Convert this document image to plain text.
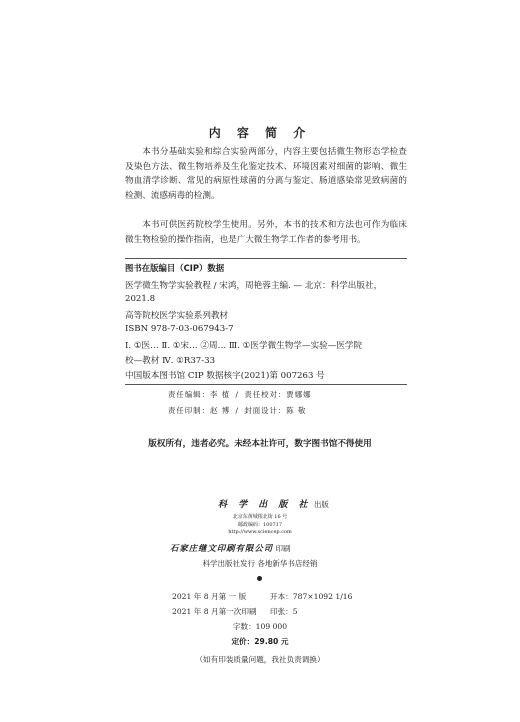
内 容 简 介

本书分基础实验和综合实验两部分，内容主要包括微生物形态学检查及染色方法、微生物培养及生化鉴定技术、环境因素对细菌的影响、微生物血清学诊断、常见的病原性球菌的分离与鉴定、肠道感染常见致病菌的检测、流感病毒的检测。

本书可供医药院校学生使用。另外，本书的技术和方法也可作为临床微生物检验的操作指南，也是广大微生物学工作者的参考用书。

图书在版编目（CIP）数据
医学微生物学实验教程 / 宋鸿，周艳蓉主编. — 北京：科学出版社，
2021.8
高等院校医学实验系列教材
ISBN 978-7-03-067943-7
Ⅰ. ①医… Ⅱ. ①宋… ②周… Ⅲ. ①医学微生物学—实验—医学院
校—教材 Ⅳ. ①R37-33
中国版本图书馆 CIP 数据核字(2021)第 007263 号
责任编辑：李 植 / 责任校对：贾娜娜
责任印制：赵 博 / 封面设计：陈 敬
版权所有，违者必究。未经本社许可，数字图书馆不得使用
科 学 出 版 社 出版
北京东黄城根北街 16 号
邮政编码：100717
http://www.sciencep.com
石家庄继文印刷有限公司 印刷
科学出版社发行 各地新华书店经销
2021 年 8 月第 一 版	开本：787×1092 1/16
2021 年 8 月第一次印刷 印张：5
字数：109 000
定价：29.80 元
（如有印装质量问题，我社负责调换）
